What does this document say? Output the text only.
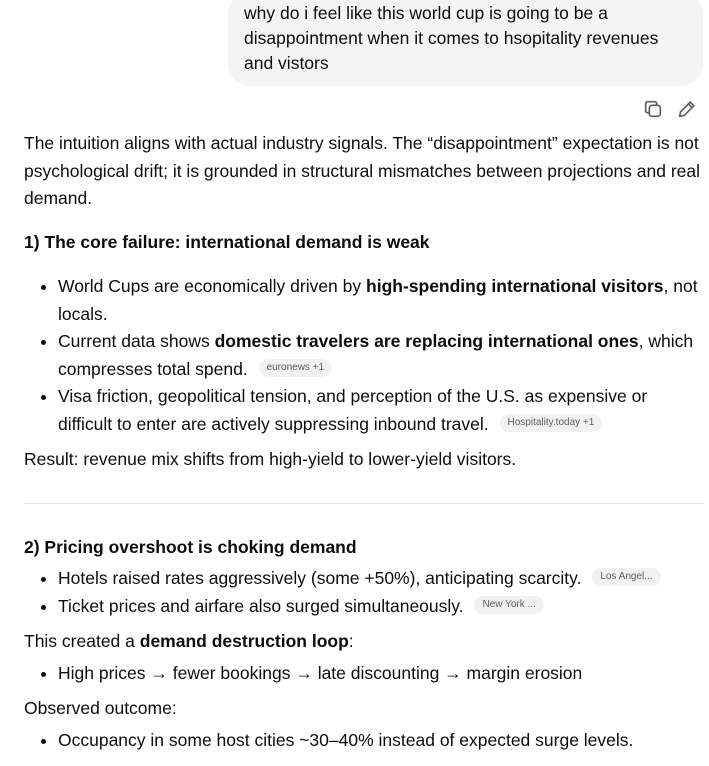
why do i feel like this world cup is going to be a disappointment when it comes to hsopitality revenues and vistors

The intuition aligns with actual industry signals. The “disappointment” expectation is not psychological drift; it is grounded in structural mismatches between projections and real demand.

1) The core failure: international demand is weak

• World Cups are economically driven by high-spending international visitors, not locals.
• Current data shows domestic travelers are replacing international ones, which compresses total spend. euronews +1
• Visa friction, geopolitical tension, and perception of the U.S. as expensive or difficult to enter are actively suppressing inbound travel. Hospitality.today +1

Result: revenue mix shifts from high-yield to lower-yield visitors.

2) Pricing overshoot is choking demand

• Hotels raised rates aggressively (some +50%), anticipating scarcity. Los Angel...
• Ticket prices and airfare also surged simultaneously. New York ...

This created a demand destruction loop:

• High prices → fewer bookings → late discounting → margin erosion

Observed outcome:

• Occupancy in some host cities ~30–40% instead of expected surge levels.
